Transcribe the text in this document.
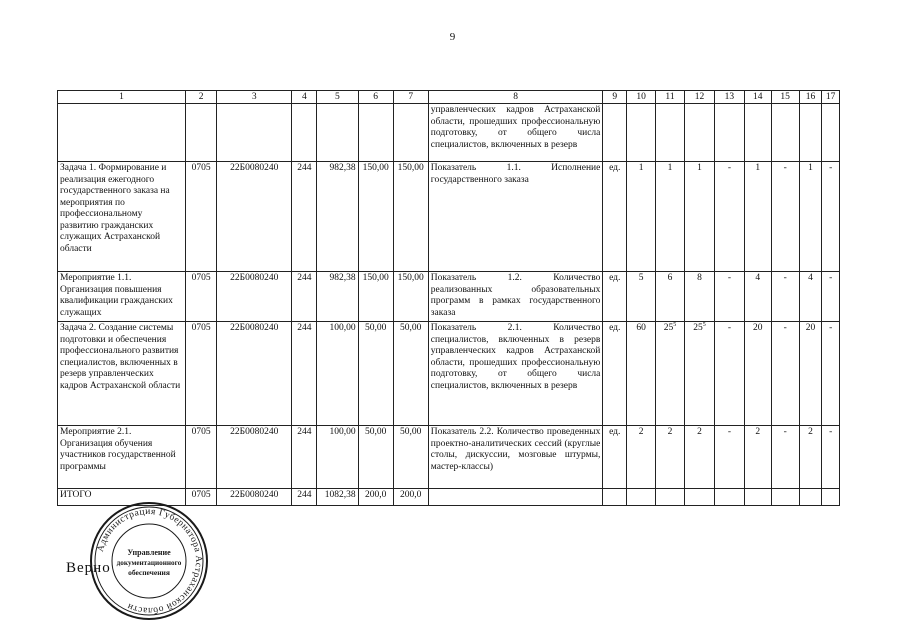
9
1	2	3	4	5	6	7	8	9	10	11	12	13	14	15	16	17
							управленческих кадров Астраханской области, прошедших профессиональную подготовку, от общего числа специалистов, включенных в резерв									
Задача 1. Формирование и реализация ежегодного государственного заказа на мероприятия по профессиональному развитию гражданских служащих Астраханской области	0705	22Б0080240	244	982,38	150,00	150,00	Показатель 1.1. Исполнение государственного заказа	ед.	1	1	1	-	1	-	1	-
Мероприятие 1.1. Организация повышения квалификации гражданских служащих	0705	22Б0080240	244	982,38	150,00	150,00	Показатель 1.2. Количество реализованных образовательных программ в рамках государственного заказа	ед.	5	6	8	-	4	-	4	-
Задача 2. Создание системы подготовки и обеспечения профессионального развития специалистов, включенных в резерв управленческих кадров Астраханской области	0705	22Б0080240	244	100,00	50,00	50,00	Показатель 2.1. Количество специалистов, включенных в резерв управленческих кадров Астраханской области, прошедших профессиональную подготовку, от общего числа специалистов, включенных в резерв	ед.	60	$25^5$	$25^5$	-	20	-	20	-
Мероприятие 2.1. Организация обучения участников государственной программы	0705	22Б0080240	244	100,00	50,00	50,00	Показатель 2.2. Количество проведенных проектно-аналитических сессий (круглые столы, дискуссии, мозговые штурмы, мастер-классы)	ед.	2	2	2	-	2	-	2	-
ИТОГО	0705	22Б0080240	244	1082,38	200,0	200,0										
Верно
Администрация Губернатора Астраханской области
Управление
документационного
обеспечения
